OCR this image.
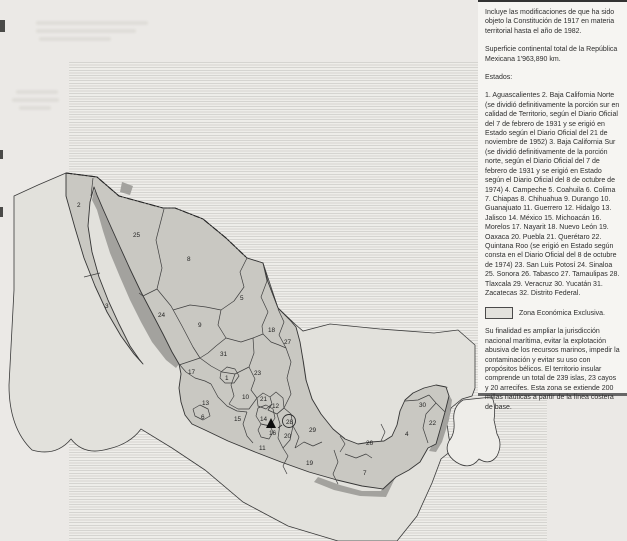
2
25
8
3
24
9
5
18
27
31
23
17
1
10
13
21
12
6	15	14
16 20
29
11
19
30
22
4
26
7
28

Incluye las modificaciones de que ha sido objeto la Constitución de 1917 en materia territorial hasta el año de 1982.

Superficie continental total de la República Mexicana 1'963,890 km.

Estados:

1. Aguascalientes 2. Baja California Norte (se dividió definitivamente la porción sur en calidad de Territorio, según el Diario Oficial del 7 de febrero de 1931 y se erigió en Estado según el Diario Oficial del 21 de noviembre de 1952) 3. Baja California Sur (se dividió definitivamente de la porción norte, según el Diario Oficial del 7 de febrero de 1931 y se erigió en Estado según el Diario Oficial del 8 de octubre de 1974) 4. Campeche 5. Coahuila 6. Colima 7. Chiapas 8. Chihuahua 9. Durango 10. Guanajuato 11. Guerrero 12. Hidalgo 13. Jalisco 14. México 15. Michoacán 16. Morelos 17. Nayarit 18. Nuevo León 19. Oaxaca 20. Puebla 21. Querétaro 22. Quintana Roo (se erigió en Estado según consta en el Diario Oficial del 8 de octubre de 1974) 23. San Luis Potosí 24. Sinaloa 25. Sonora 26. Tabasco 27. Tamaulipas 28. Tlaxcala 29. Veracruz 30. Yucatán 31. Zacatecas 32. Distrito Federal.

Zona Económica Exclusiva.

Su finalidad es ampliar la jurisdicción nacional marítima, evitar la explotación abusiva de los recursos marinos, impedir la contaminación y evitar su uso con propósitos bélicos. El territorio insular comprende un total de 239 islas, 23 cayos y 20 arrecifes. Esta zona se extiende 200 millas naúticas a partir de la línea costera de base.
